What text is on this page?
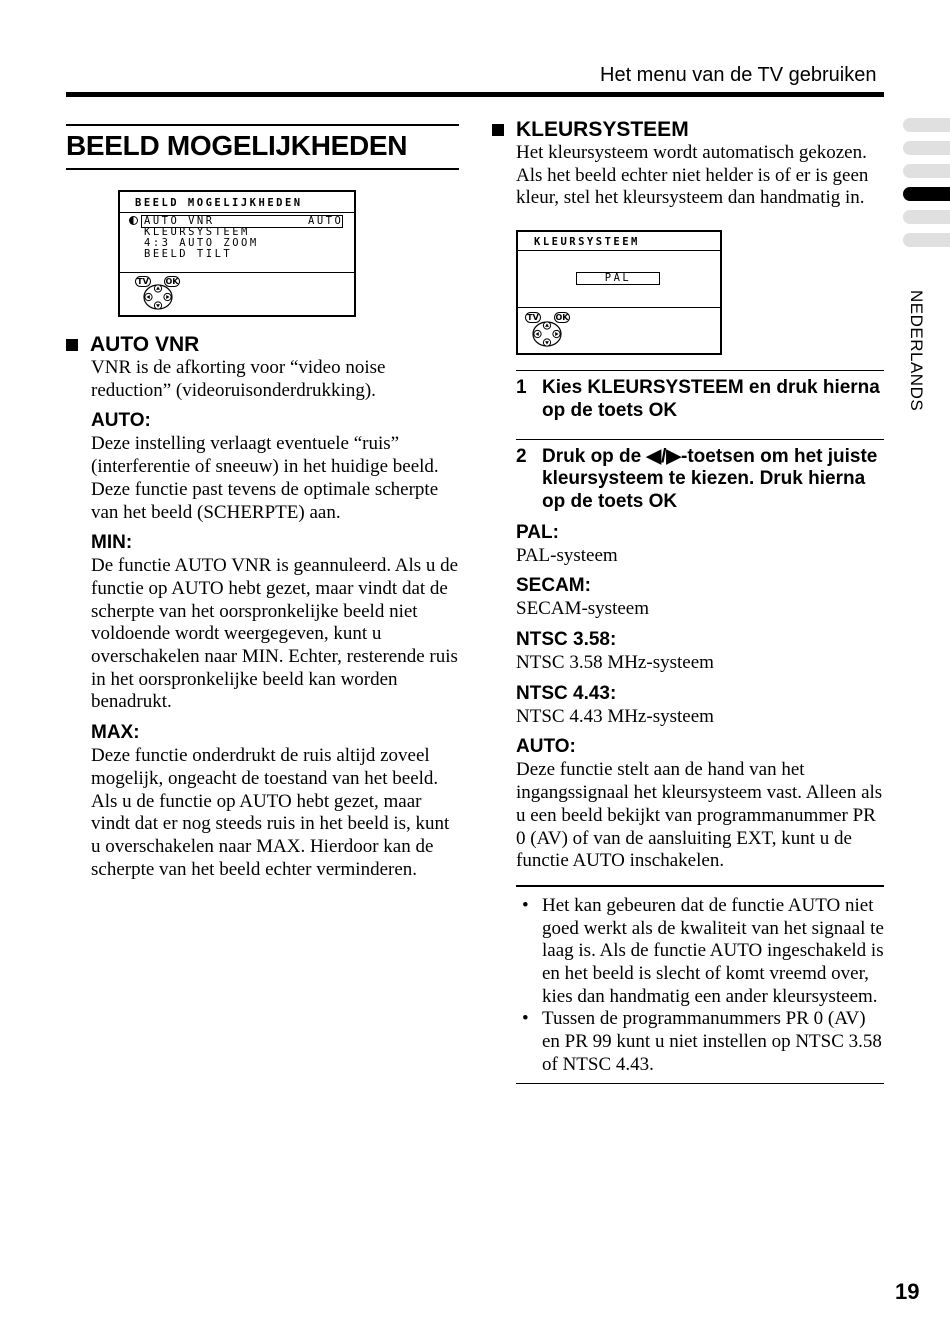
Het menu van de TV gebruiken
NEDERLANDS
BEELD MOGELIJKHEDEN
BEELD MOGELIJKHEDEN
AUTO VNR	AUTO
KLEURSYSTEEM
4:3 AUTO ZOOM
BEELD TILT
TV OK
AUTO VNR

VNR is de afkorting voor “video noise reduction” (videoruisonderdrukking).

AUTO:

Deze instelling verlaagt eventuele “ruis” (interferentie of sneeuw) in het huidige beeld. Deze functie past tevens de optimale scherpte van het beeld (SCHERPTE) aan.

MIN:

De functie AUTO VNR is geannuleerd. Als u de functie op AUTO hebt gezet, maar vindt dat de scherpte van het oorspronkelijke beeld niet voldoende wordt weergegeven, kunt u overschakelen naar MIN. Echter, resterende ruis in het oorspronkelijke beeld kan worden benadrukt.

MAX:

Deze functie onderdrukt de ruis altijd zoveel mogelijk, ongeacht de toestand van het beeld. Als u de functie op AUTO hebt gezet, maar vindt dat er nog steeds ruis in het beeld is, kunt u overschakelen naar MAX. Hierdoor kan de scherpte van het beeld echter verminderen.

KLEURSYSTEEM

Het kleursysteem wordt automatisch gekozen. Als het beeld echter niet helder is of er is geen kleur, stel het kleursysteem dan handmatig in.

KLEURSYSTEEM
PAL
TV OK
1 Kies KLEURSYSTEEM en druk hierna op de toets OK
2 Druk op de ◀/▶-toetsen om het juiste kleursysteem te kiezen. Druk hierna op de toets OK
PAL:

PAL-systeem

SECAM:

SECAM-systeem

NTSC 3.58:

NTSC 3.58 MHz-systeem

NTSC 4.43:

NTSC 4.43 MHz-systeem

AUTO:

Deze functie stelt aan de hand van het ingangssignaal het kleursysteem vast. Alleen als u een beeld bekijkt van programmanummer PR 0 (AV) of van de aansluiting EXT, kunt u de functie AUTO inschakelen.

• Het kan gebeuren dat de functie AUTO niet goed werkt als de kwaliteit van het signaal te laag is. Als de functie AUTO ingeschakeld is en het beeld is slecht of komt vreemd over, kies dan handmatig een ander kleursysteem.
• Tussen de programmanummers PR 0 (AV) en PR 99 kunt u niet instellen op NTSC 3.58 of NTSC 4.43.
19
